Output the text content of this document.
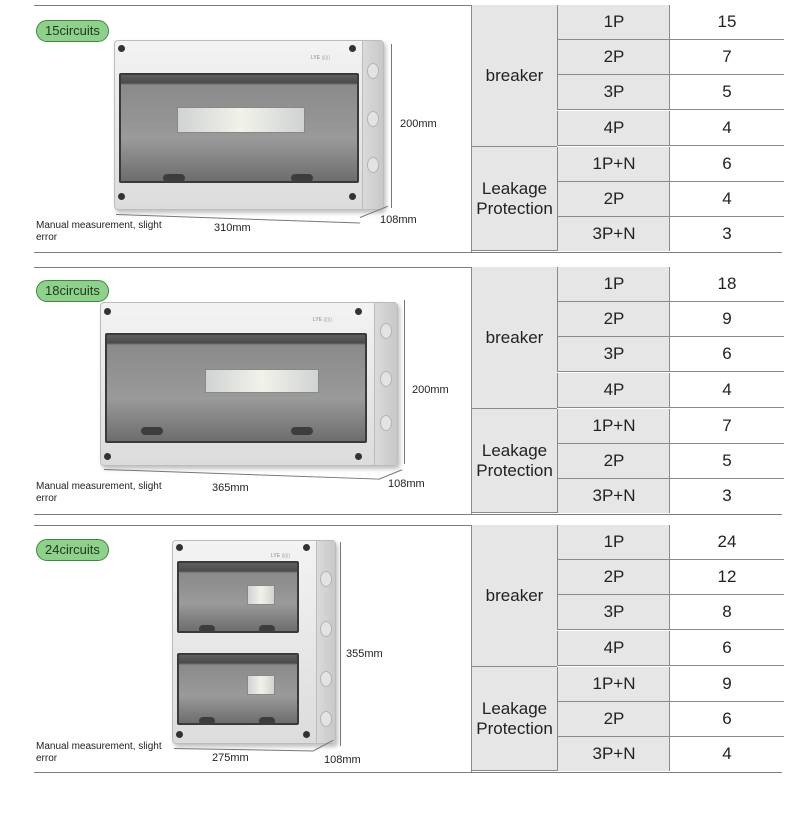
15circuits
LYE ▯▯▯
200mm
310mm
108mm
Manual measurement, slight error
breaker
Leakage Protection
1P	15
2P	7
3P	5
4P	4
1P+N	6
2P	4
3P+N	3
18circuits
LYE ▯▯▯
200mm
365mm	108mm
Manual measurement, slight error
breaker
Leakage Protection
1P	18
2P	9
3P	6
4P	4
1P+N	7
2P	5
3P+N	3
24circuits	LYE ▯▯▯
355mm
275mm	108mm
Manual measurement, slight error
breaker
Leakage Protection
1P	24
2P	12
3P	8
4P	6
1P+N	9
2P	6
3P+N	4
